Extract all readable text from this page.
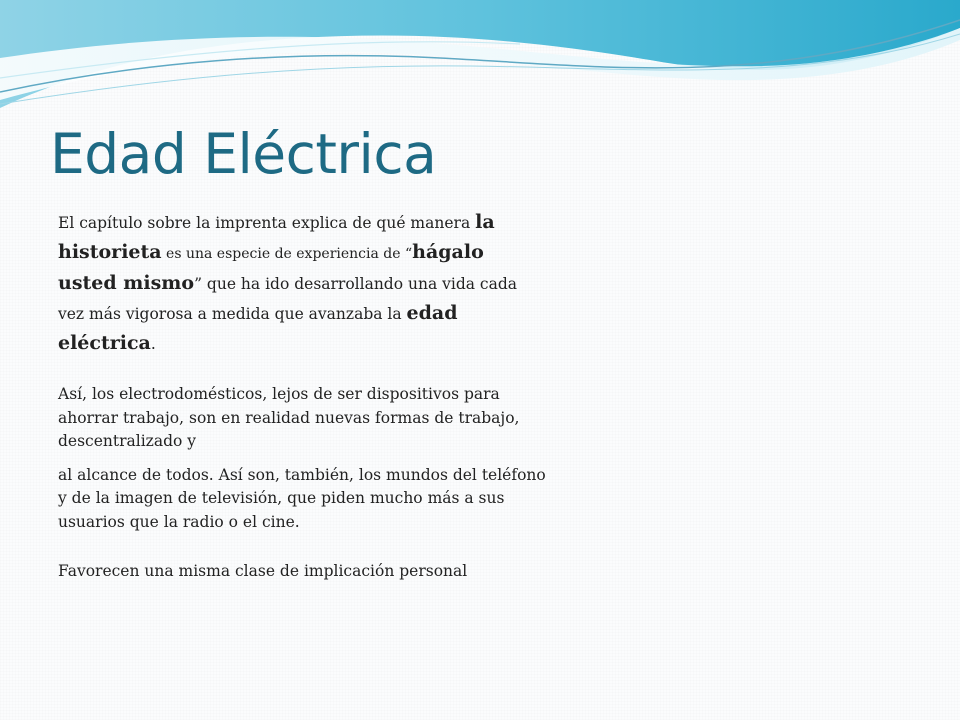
Edad Eléctrica

El capítulo sobre la imprenta explica de qué manera la historieta es una especie de experiencia de “hágalo usted mismo” que ha ido desarrollando una vida cada vez más vigorosa a medida que avanzaba la edad eléctrica.

Así, los electrodomésticos, lejos de ser dispositivos para ahorrar trabajo, son en realidad nuevas formas de trabajo, descentralizado y

al alcance de todos. Así son, también, los mundos del teléfono y de la imagen de televisión, que piden mucho más a sus usuarios que la radio o el cine.

Favorecen una misma clase de implicación personal
